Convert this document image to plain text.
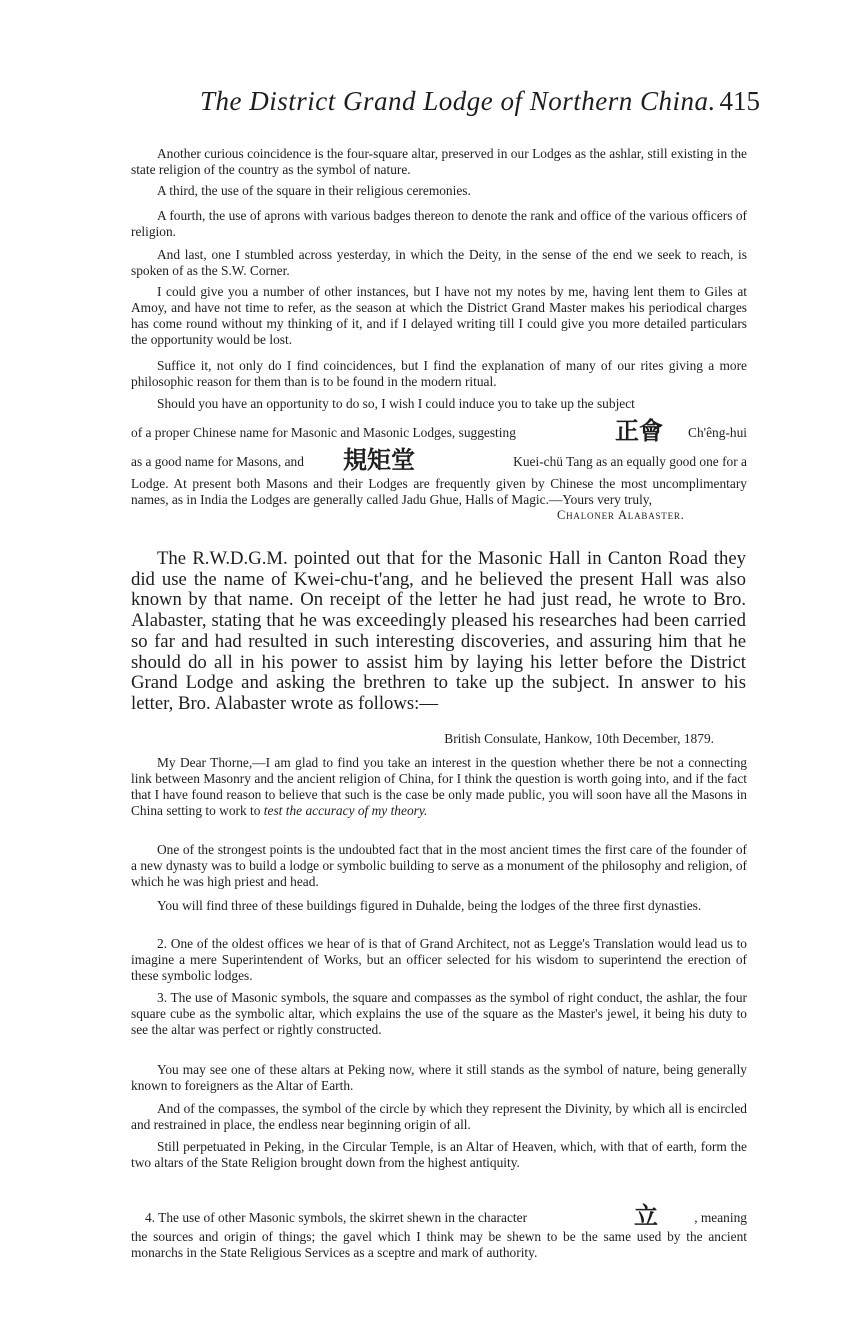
The District Grand Lodge of Northern China. 415

Another curious coincidence is the four-square altar, preserved in our Lodges as the ashlar, still existing in the state religion of the country as the symbol of nature.

A third, the use of the square in their religious ceremonies.

A fourth, the use of aprons with various badges thereon to denote the rank and office of the various officers of religion.

And last, one I stumbled across yesterday, in which the Deity, in the sense of the end we seek to reach, is spoken of as the S.W. Corner.

I could give you a number of other instances, but I have not my notes by me, having lent them to Giles at Amoy, and have not time to refer, as the season at which the District Grand Master makes his periodical charges has come round without my thinking of it, and if I delayed writing till I could give you more detailed particulars the opportunity would be lost.

Suffice it, not only do I find coincidences, but I find the explanation of many of our rites giving a more philosophic reason for them than is to be found in the modern ritual.

Should you have an opportunity to do so, I wish I could induce you to take up the subject

of a proper Chinese name for Masonic and Masonic Lodges, suggesting	正會 Ch'êng-hui
as a good name for Masons, and 規矩堂	Kuei-chü Tang as an equally good one for a

Lodge. At present both Masons and their Lodges are frequently given by Chinese the most uncomplimentary names, as in India the Lodges are generally called Jadu Ghue, Halls of Magic.—Yours very truly,

Chaloner Alabaster.

The R.W.D.G.M. pointed out that for the Masonic Hall in Canton Road they did use the name of Kwei-chu-t'ang, and he believed the present Hall was also known by that name. On receipt of the letter he had just read, he wrote to Bro. Alabaster, stating that he was exceedingly pleased his researches had been carried so far and had resulted in such interesting discoveries, and assuring him that he should do all in his power to assist him by laying his letter before the District Grand Lodge and asking the brethren to take up the subject. In answer to his letter, Bro. Alabaster wrote as follows:—

British Consulate, Hankow, 10th December, 1879.

My Dear Thorne,—I am glad to find you take an interest in the question whether there be not a connecting link between Masonry and the ancient religion of China, for I think the question is worth going into, and if the fact that I have found reason to believe that such is the case be only made public, you will soon have all the Masons in China setting to work to test the accuracy of my theory.

One of the strongest points is the undoubted fact that in the most ancient times the first care of the founder of a new dynasty was to build a lodge or symbolic building to serve as a monument of the philosophy and religion, of which he was high priest and head.

You will find three of these buildings figured in Duhalde, being the lodges of the three first dynasties.

2. One of the oldest offices we hear of is that of Grand Architect, not as Legge's Translation would lead us to imagine a mere Superintendent of Works, but an officer selected for his wisdom to superintend the erection of these symbolic lodges.

3. The use of Masonic symbols, the square and compasses as the symbol of right conduct, the ashlar, the four square cube as the symbolic altar, which explains the use of the square as the Master's jewel, it being his duty to see the altar was perfect or rightly constructed.

You may see one of these altars at Peking now, where it still stands as the symbol of nature, being generally known to foreigners as the Altar of Earth.

And of the compasses, the symbol of the circle by which they represent the Divinity, by which all is encircled and restrained in place, the endless near beginning origin of all.

Still perpetuated in Peking, in the Circular Temple, is an Altar of Heaven, which, with that of earth, form the two altars of the State Religion brought down from the highest antiquity.

4. The use of other Masonic symbols, the skirret shewn in the character	立	, meaning

the sources and origin of things; the gavel which I think may be shewn to be the same used by the ancient monarchs in the State Religious Services as a sceptre and mark of authority.
